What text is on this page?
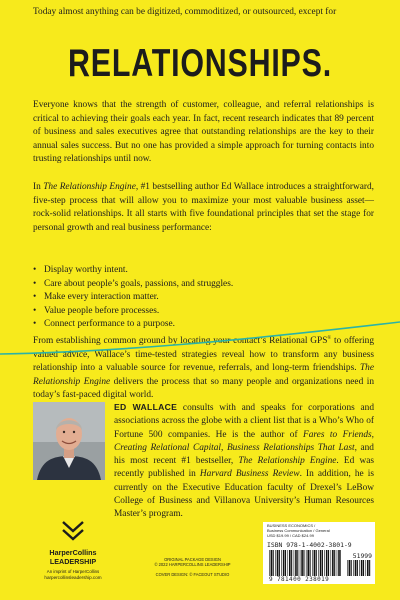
Today almost anything can be digitized, commoditized, or outsourced, except for

RELATIONSHIPS.

Everyone knows that the strength of customer, colleague, and referral relationships is critical to achieving their goals each year. In fact, recent research indicates that 89 percent of business and sales executives agree that outstanding relationships are the key to their annual sales success. But no one has provided a simple approach for turning contacts into trusting relationships until now.

In The Relationship Engine, #1 bestselling author Ed Wallace introduces a straightforward, five-step process that will allow you to maximize your most valuable business asset—rock-solid relationships. It all starts with five foundational principles that set the stage for personal growth and real business performance:

• Display worthy intent.
• Care about people’s goals, passions, and struggles.
• Make every interaction matter.
• Value people before processes.
• Connect performance to a purpose.

From establishing common ground by locating your contact’s Relational GPS® to offering valued advice, Wallace’s time-tested strategies reveal how to transform any business relationship into a valuable source for revenue, referrals, and long-term friendships. The Relationship Engine delivers the process that so many people and organizations need in today’s fast-paced digital world.

ED WALLACE consults with and speaks for corporations and associations across the globe with a client list that is a Who’s Who of Fortune 500 companies. He is the author of Fares to Friends, Creating Relational Capital, Business Relationships That Last, and his most recent #1 bestseller, The Relationship Engine. Ed was recently published in Harvard Business Review. In addition, he is currently on the Executive Education faculty of Drexel’s LeBow College of Business and Villanova University’s Human Resources Master’s program.

HarperCollins
LEADERSHIP
An imprint of HarperCollins
harpercollinsleadership.com
ORIGINAL PACKAGE DESIGN
© 2022 HARPERCOLLINS LEADERSHIP
COVER DESIGN: © FACEOUT STUDIO
BUSINESS ECONOMICS /
Business Communication / General
USD $19.99 / CAD $24.99
ISBN 978-1-4002-3801-9
51999
9 781400 238019
